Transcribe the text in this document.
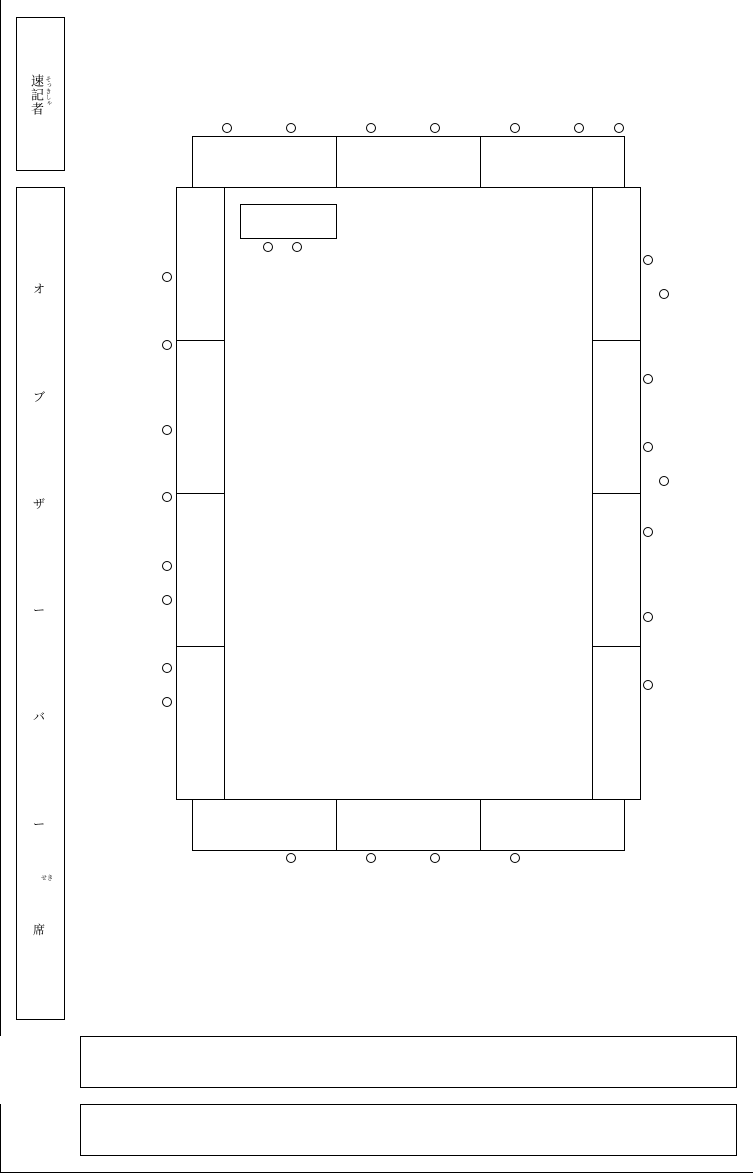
速記者 そっきしゃ
オ
ブ
ザ
ー
バ
ー
席
せき
